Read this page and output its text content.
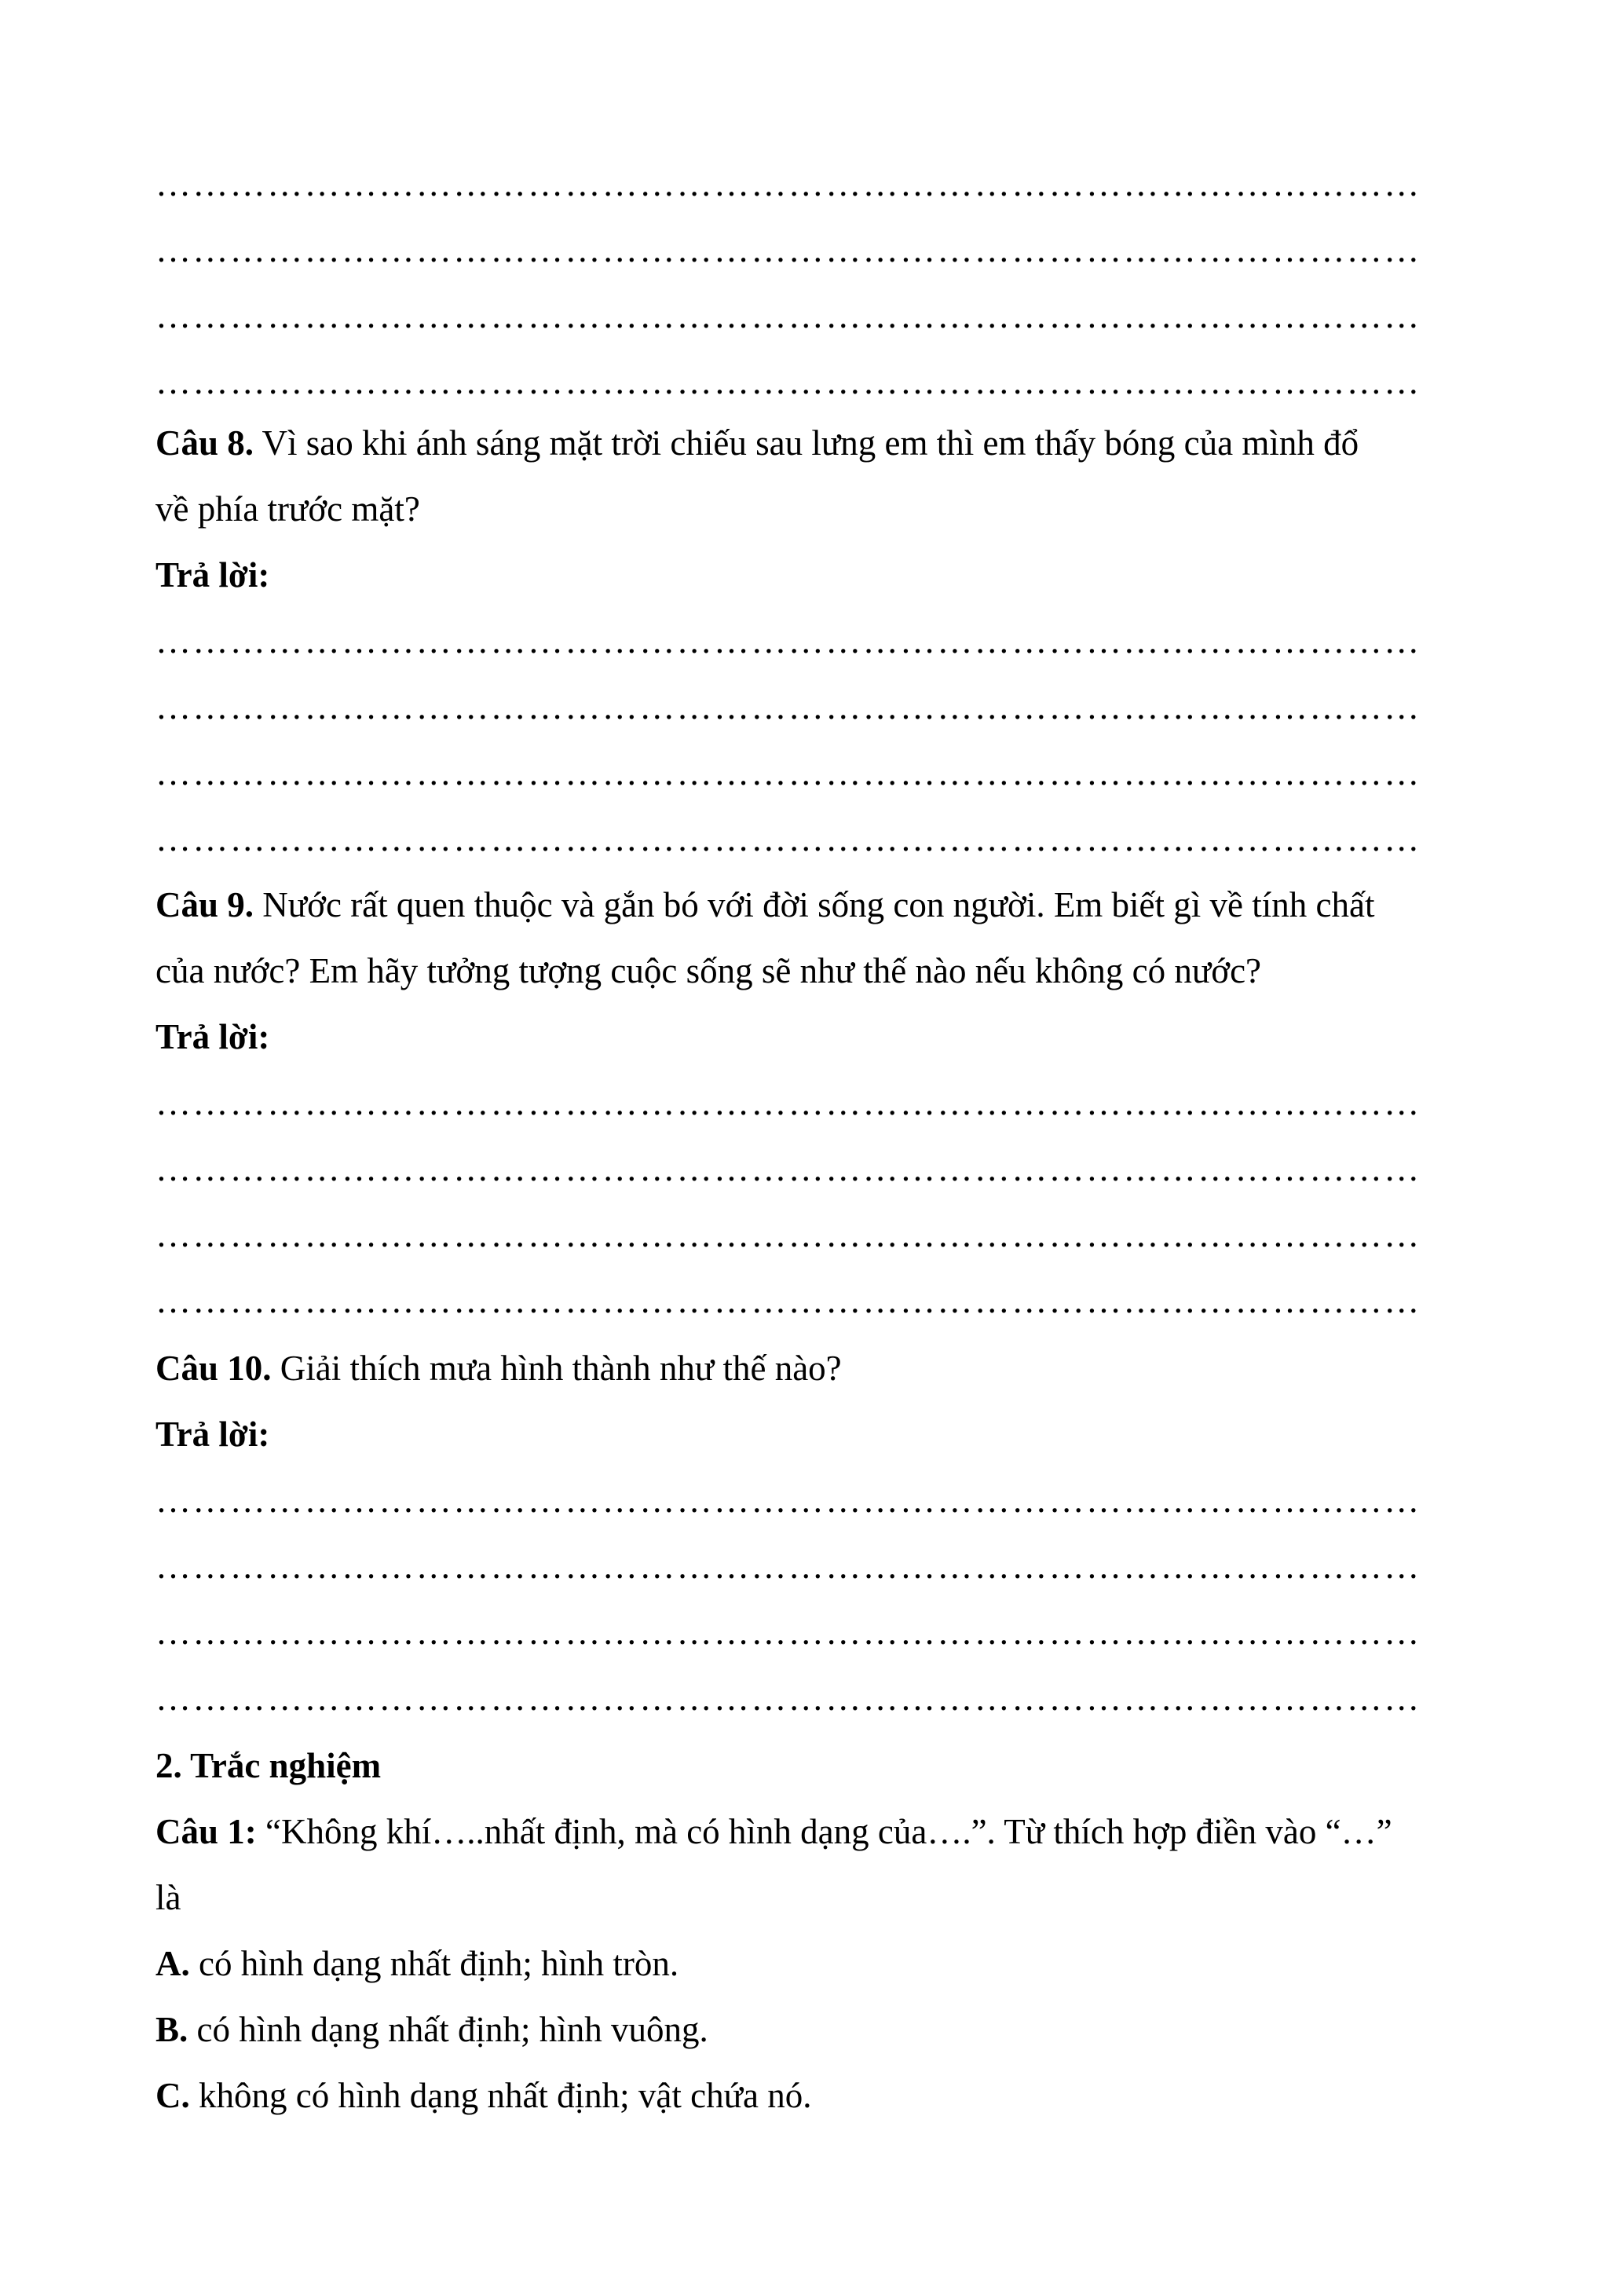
…………………………………………………………………………………………
…………………………………………………………………………………………
…………………………………………………………………………………………
…………………………………………………………………………………………
Câu 8. Vì sao khi ánh sáng mặt trời chiếu sau lưng em thì em thấy bóng của mình đổ
về phía trước mặt?
Trả lời:
…………………………………………………………………………………………
…………………………………………………………………………………………
…………………………………………………………………………………………
…………………………………………………………………………………………
Câu 9. Nước rất quen thuộc và gắn bó với đời sống con người. Em biết gì về tính chất
của nước? Em hãy tưởng tượng cuộc sống sẽ như thế nào nếu không có nước?
Trả lời:
…………………………………………………………………………………………
…………………………………………………………………………………………
…………………………………………………………………………………………
…………………………………………………………………………………………
Câu 10. Giải thích mưa hình thành như thế nào?
Trả lời:
…………………………………………………………………………………………
…………………………………………………………………………………………
…………………………………………………………………………………………
…………………………………………………………………………………………
2. Trắc nghiệm
Câu 1: “Không khí…..nhất định, mà có hình dạng của….”. Từ thích hợp điền vào “…”
là
A. có hình dạng nhất định; hình tròn.
B. có hình dạng nhất định; hình vuông.
C. không có hình dạng nhất định; vật chứa nó.
